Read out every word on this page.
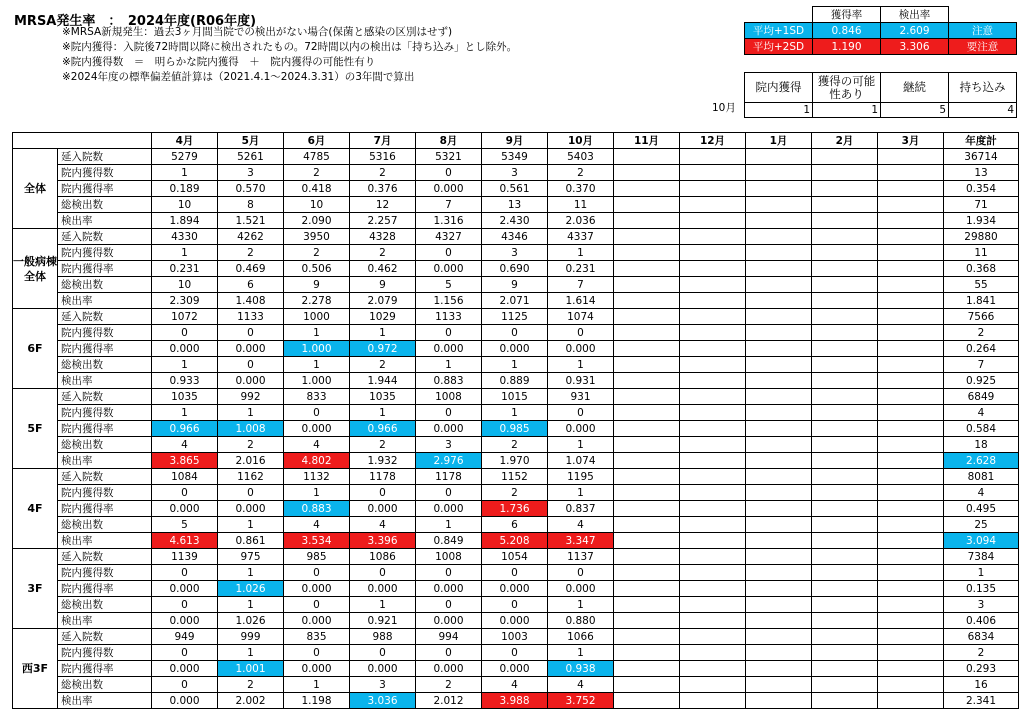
MRSA発生率　：　2024年度(R06年度)
※MRSA新規発生：過去3ヶ月間当院での検出がない場合(保菌と感染の区別はせず)
※院内獲得：入院後72時間以降に検出されたもの。72時間以内の検出は「持ち込み」とし除外。
※院内獲得数　＝　明らかな院内獲得　＋　院内獲得の可能性有り
※2024年度の標準偏差値計算は（2021.4.1～2024.3.31）の3年間で算出
	獲得率	検出率	
平均+1SD	0.846	2.609	注意
平均+2SD	1.190	3.306	要注意
10月
院内獲得	獲得の可能性あり	継続	持ち込み
1	1	5	4
		4月	5月	6月	7月	8月	9月	10月	11月	12月	1月	2月	3月	年度計
全体	延入院数	5279	5261	4785	5316	5321	5349	5403						36714
	院内獲得数	1	3	2	2	0	3	2						13
	院内獲得率	0.189	0.570	0.418	0.376	0.000	0.561	0.370						0.354
	総検出数	10	8	10	12	7	13	11						71
	検出率	1.894	1.521	2.090	2.257	1.316	2.430	2.036						1.934
一般病棟全体	延入院数	4330	4262	3950	4328	4327	4346	4337						29880
	院内獲得数	1	2	2	2	0	3	1						11
	院内獲得率	0.231	0.469	0.506	0.462	0.000	0.690	0.231						0.368
	総検出数	10	6	9	9	5	9	7						55
	検出率	2.309	1.408	2.278	2.079	1.156	2.071	1.614						1.841
6F	延入院数	1072	1133	1000	1029	1133	1125	1074						7566
	院内獲得数	0	0	1	1	0	0	0						2
	院内獲得率	0.000	0.000	1.000	0.972	0.000	0.000	0.000						0.264
	総検出数	1	0	1	2	1	1	1						7
	検出率	0.933	0.000	1.000	1.944	0.883	0.889	0.931						0.925
5F	延入院数	1035	992	833	1035	1008	1015	931						6849
	院内獲得数	1	1	0	1	0	1	0						4
	院内獲得率	0.966	1.008	0.000	0.966	0.000	0.985	0.000						0.584
	総検出数	4	2	4	2	3	2	1						18
	検出率	3.865	2.016	4.802	1.932	2.976	1.970	1.074						2.628
4F	延入院数	1084	1162	1132	1178	1178	1152	1195						8081
	院内獲得数	0	0	1	0	0	2	1						4
	院内獲得率	0.000	0.000	0.883	0.000	0.000	1.736	0.837						0.495
	総検出数	5	1	4	4	1	6	4						25
	検出率	4.613	0.861	3.534	3.396	0.849	5.208	3.347						3.094
3F	延入院数	1139	975	985	1086	1008	1054	1137						7384
	院内獲得数	0	1	0	0	0	0	0						1
	院内獲得率	0.000	1.026	0.000	0.000	0.000	0.000	0.000						0.135
	総検出数	0	1	0	1	0	0	1						3
	検出率	0.000	1.026	0.000	0.921	0.000	0.000	0.880						0.406
西3F	延入院数	949	999	835	988	994	1003	1066						6834
	院内獲得数	0	1	0	0	0	0	1						2
	院内獲得率	0.000	1.001	0.000	0.000	0.000	0.000	0.938						0.293
	総検出数	0	2	1	3	2	4	4						16
	検出率	0.000	2.002	1.198	3.036	2.012	3.988	3.752						2.341
